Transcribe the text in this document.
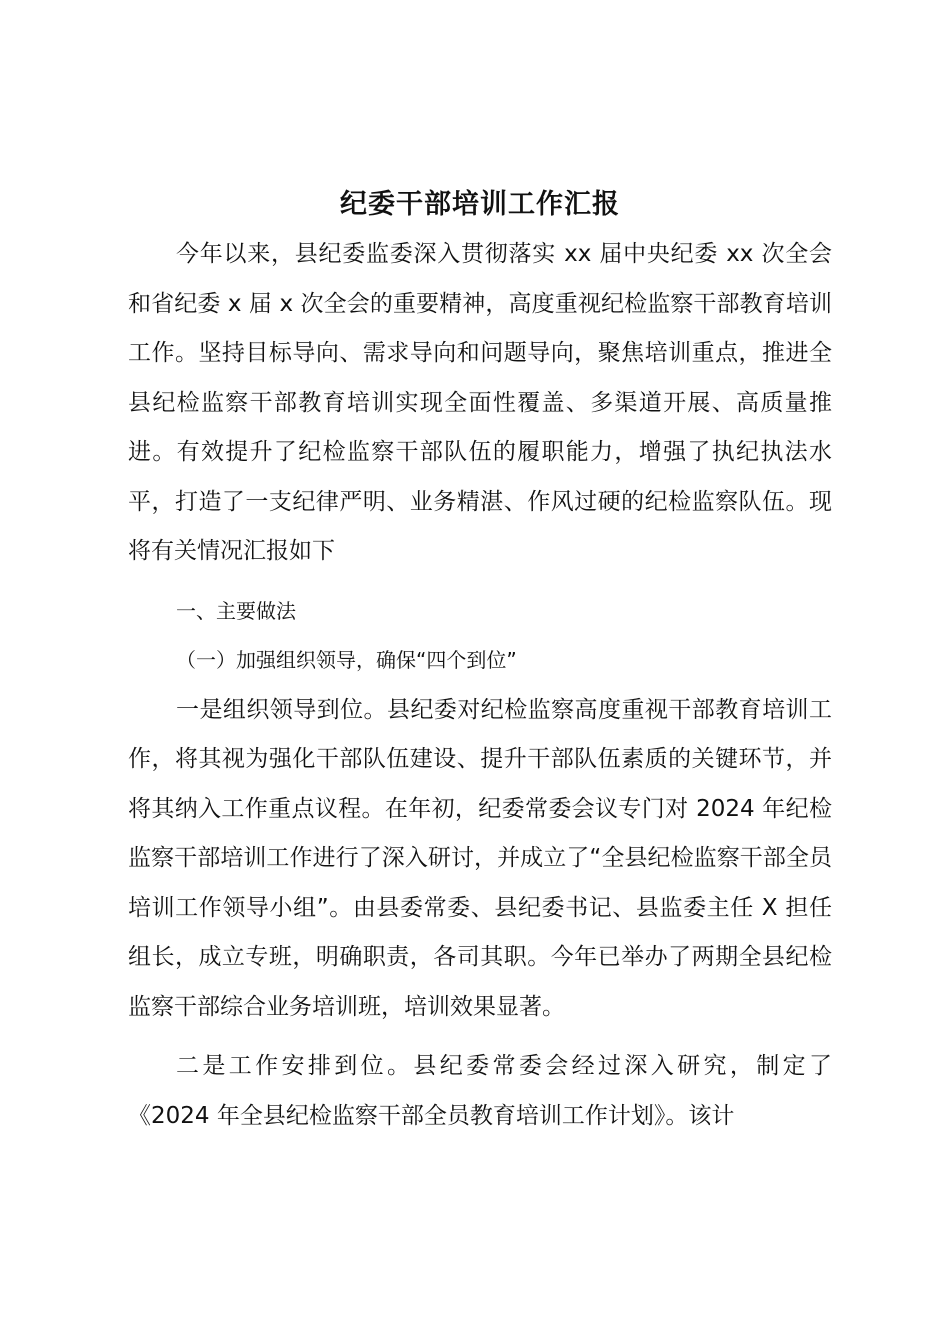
纪委干部培训工作汇报

今年以来，县纪委监委深入贯彻落实 xx 届中央纪委 xx 次全会和省纪委 x 届 x 次全会的重要精神，高度重视纪检监察干部教育培训工作。坚持目标导向、需求导向和问题导向，聚焦培训重点，推进全县纪检监察干部教育培训实现全面性覆盖、多渠道开展、高质量推进。有效提升了纪检监察干部队伍的履职能力，增强了执纪执法水平，打造了一支纪律严明、业务精湛、作风过硬的纪检监察队伍。现将有关情况汇报如下

一、主要做法

（一）加强组织领导，确保“四个到位”

一是组织领导到位。县纪委对纪检监察高度重视干部教育培训工作，将其视为强化干部队伍建设、提升干部队伍素质的关键环节，并将其纳入工作重点议程。在年初，纪委常委会议专门对 2024 年纪检监察干部培训工作进行了深入研讨，并成立了“全县纪检监察干部全员培训工作领导小组”。由县委常委、县纪委书记、县监委主任 X 担任组长，成立专班，明确职责，各司其职。今年已举办了两期全县纪检监察干部综合业务培训班，培训效果显著。

二是工作安排到位。县纪委常委会经过深入研究，制定了《2024 年全县纪检监察干部全员教育培训工作计划》。该计
